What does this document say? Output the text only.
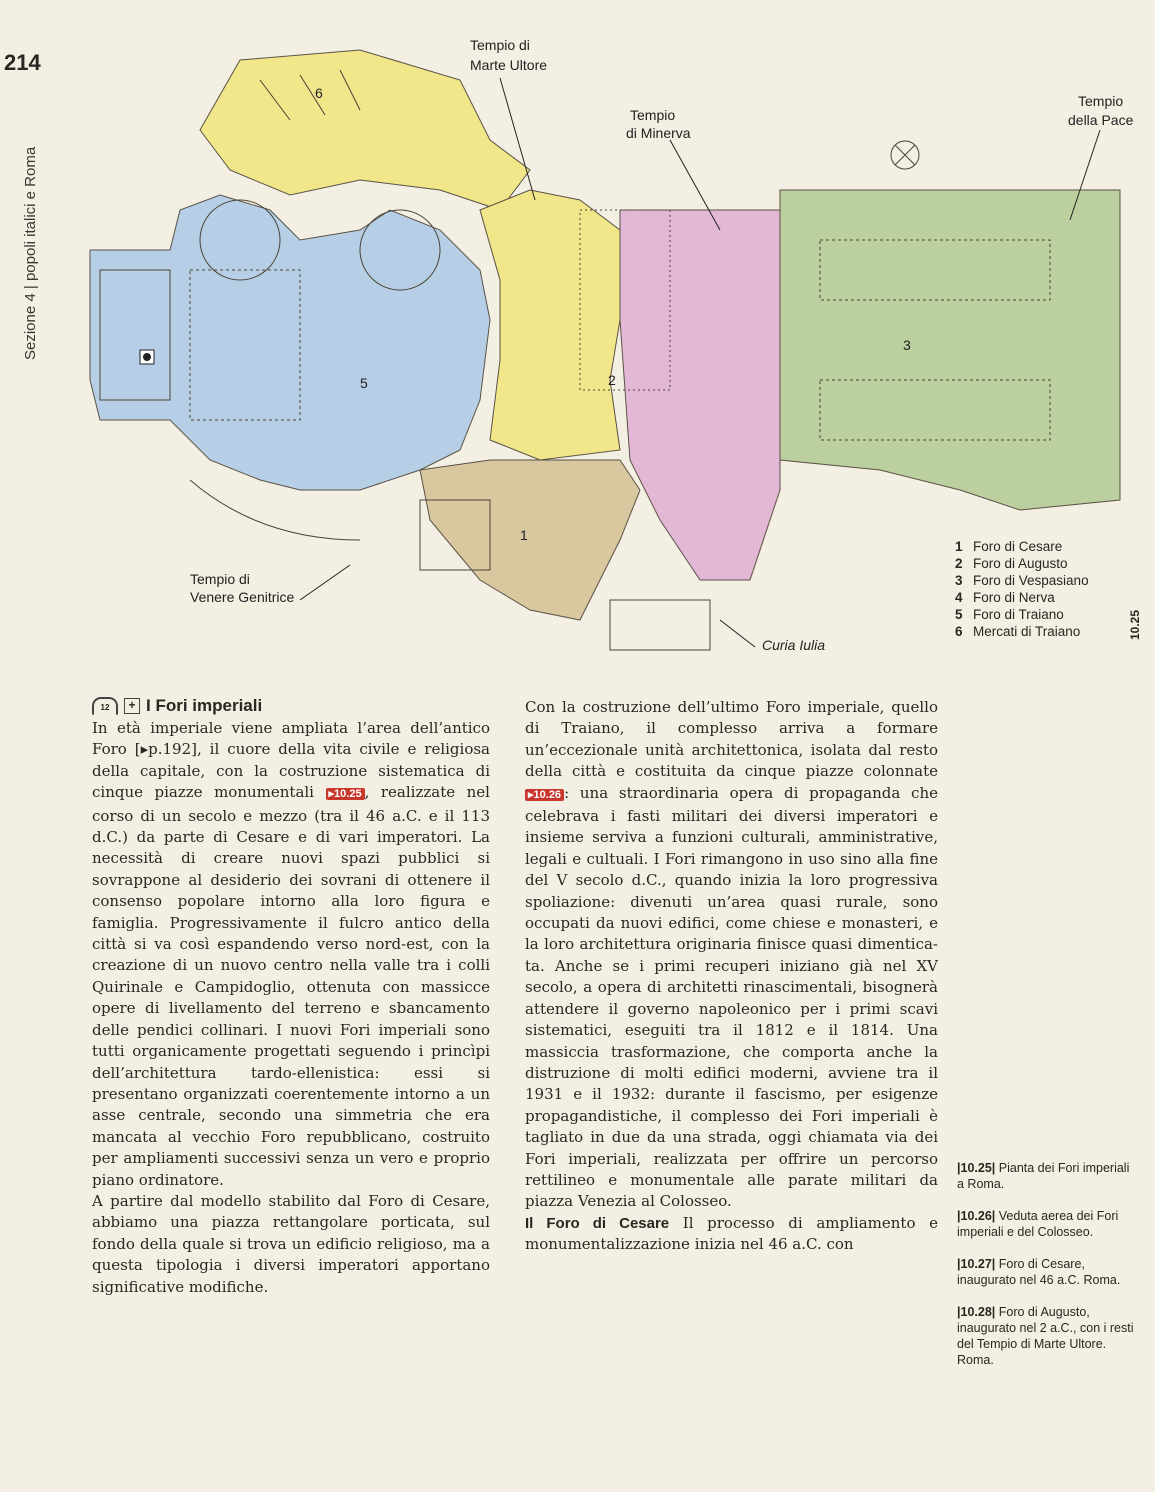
214
Sezione 4 | popoli italici e Roma
10.25
6
5
3
2
1
Tempio di Marte Ultore
Tempio di Minerva
Tempio della Pace
Tempio di Venere Genitrice
Curia Iulia
1 Foro di Cesare
2 Foro di Augusto
3 Foro di Vespasiano
4 Foro di Nerva
5 Foro di Traiano
6 Mercati di Traiano
12	+ I Fori imperiali

In età imperiale viene ampliata l’area dell’antico Foro [▸p.192], il cuore della vita civile e religiosa della capitale, con la costruzione sistematica di cinque piazze monumentali ▸10.25 , realizzate nel corso di un secolo e mezzo (tra il 46 a.C. e il 113 d.C.) da parte di Cesare e di vari imperatori. La necessità di creare nuovi spazi pubblici si sovrappone al desiderio dei sovrani di ottenere il consenso popolare intorno alla loro figura e famiglia. Progressivamente il fulcro antico della città si va così espandendo verso nord-est, con la creazione di un nuovo centro nella valle tra i colli Quirinale e Campidoglio, ottenuta con massicce opere di livellamento del terreno e sbancamento delle pendici collinari. I nuovi Fori imperiali sono tutti organicamente progettati seguendo i princìpi dell’architettura tardo-ellenistica: essi si presentano organizzati coerentemente intorno a un asse centrale, secondo una simmetria che era mancata al vecchio Foro repubblicano, costruito per ampliamenti successivi senza un vero e proprio piano ordinatore.

A partire dal modello stabilito dal Foro di Cesare, abbiamo una piazza rettangolare porticata, sul fondo della quale si trova un edificio religioso, ma a questa tipologia i diversi imperatori apportano significative modifiche.

Con la costruzione dell’ultimo Foro imperiale, quello di Traiano, il complesso arriva a formare un’eccezionale unità architettonica, isolata dal resto della città e costituita da cinque piazze colonnate ▸10.26 : una straordinaria opera di propaganda che celebrava i fasti militari dei diversi imperatori e insieme serviva a funzioni culturali, amministrative, legali e cultuali. I Fori rimangono in uso sino alla fine del V secolo d.C., quando inizia la loro progressiva spoliazione: divenuti un’area quasi rurale, sono occupati da nuovi edifici, come chiese e monasteri, e la loro architettura originaria finisce quasi dimenticata. Anche se i primi recuperi iniziano già nel XV secolo, a opera di architetti rinascimentali, bisognerà attendere il governo napoleonico per i primi scavi sistematici, eseguiti tra il 1812 e il 1814. Una massiccia trasformazione, che comporta anche la distruzione di molti edifici moderni, avviene tra il 1931 e il 1932: durante il fascismo, per esigenze propagandistiche, il complesso dei Fori imperiali è tagliato in due da una strada, oggi chiamata via dei Fori imperiali, realizzata per offrire un percorso rettilineo e monumentale alle parate militari da piazza Venezia al Colosseo.

Il Foro di Cesare Il processo di ampliamento e monumentalizzazione inizia nel 46 a.C. con

|10.25| Pianta dei Fori imperiali a Roma.
|10.26| Veduta aerea dei Fori imperiali e del Colosseo.
|10.27| Foro di Cesare, inaugurato nel 46 a.C. Roma.
|10.28| Foro di Augusto, inaugurato nel 2 a.C., con i resti del Tempio di Marte Ultore. Roma.
